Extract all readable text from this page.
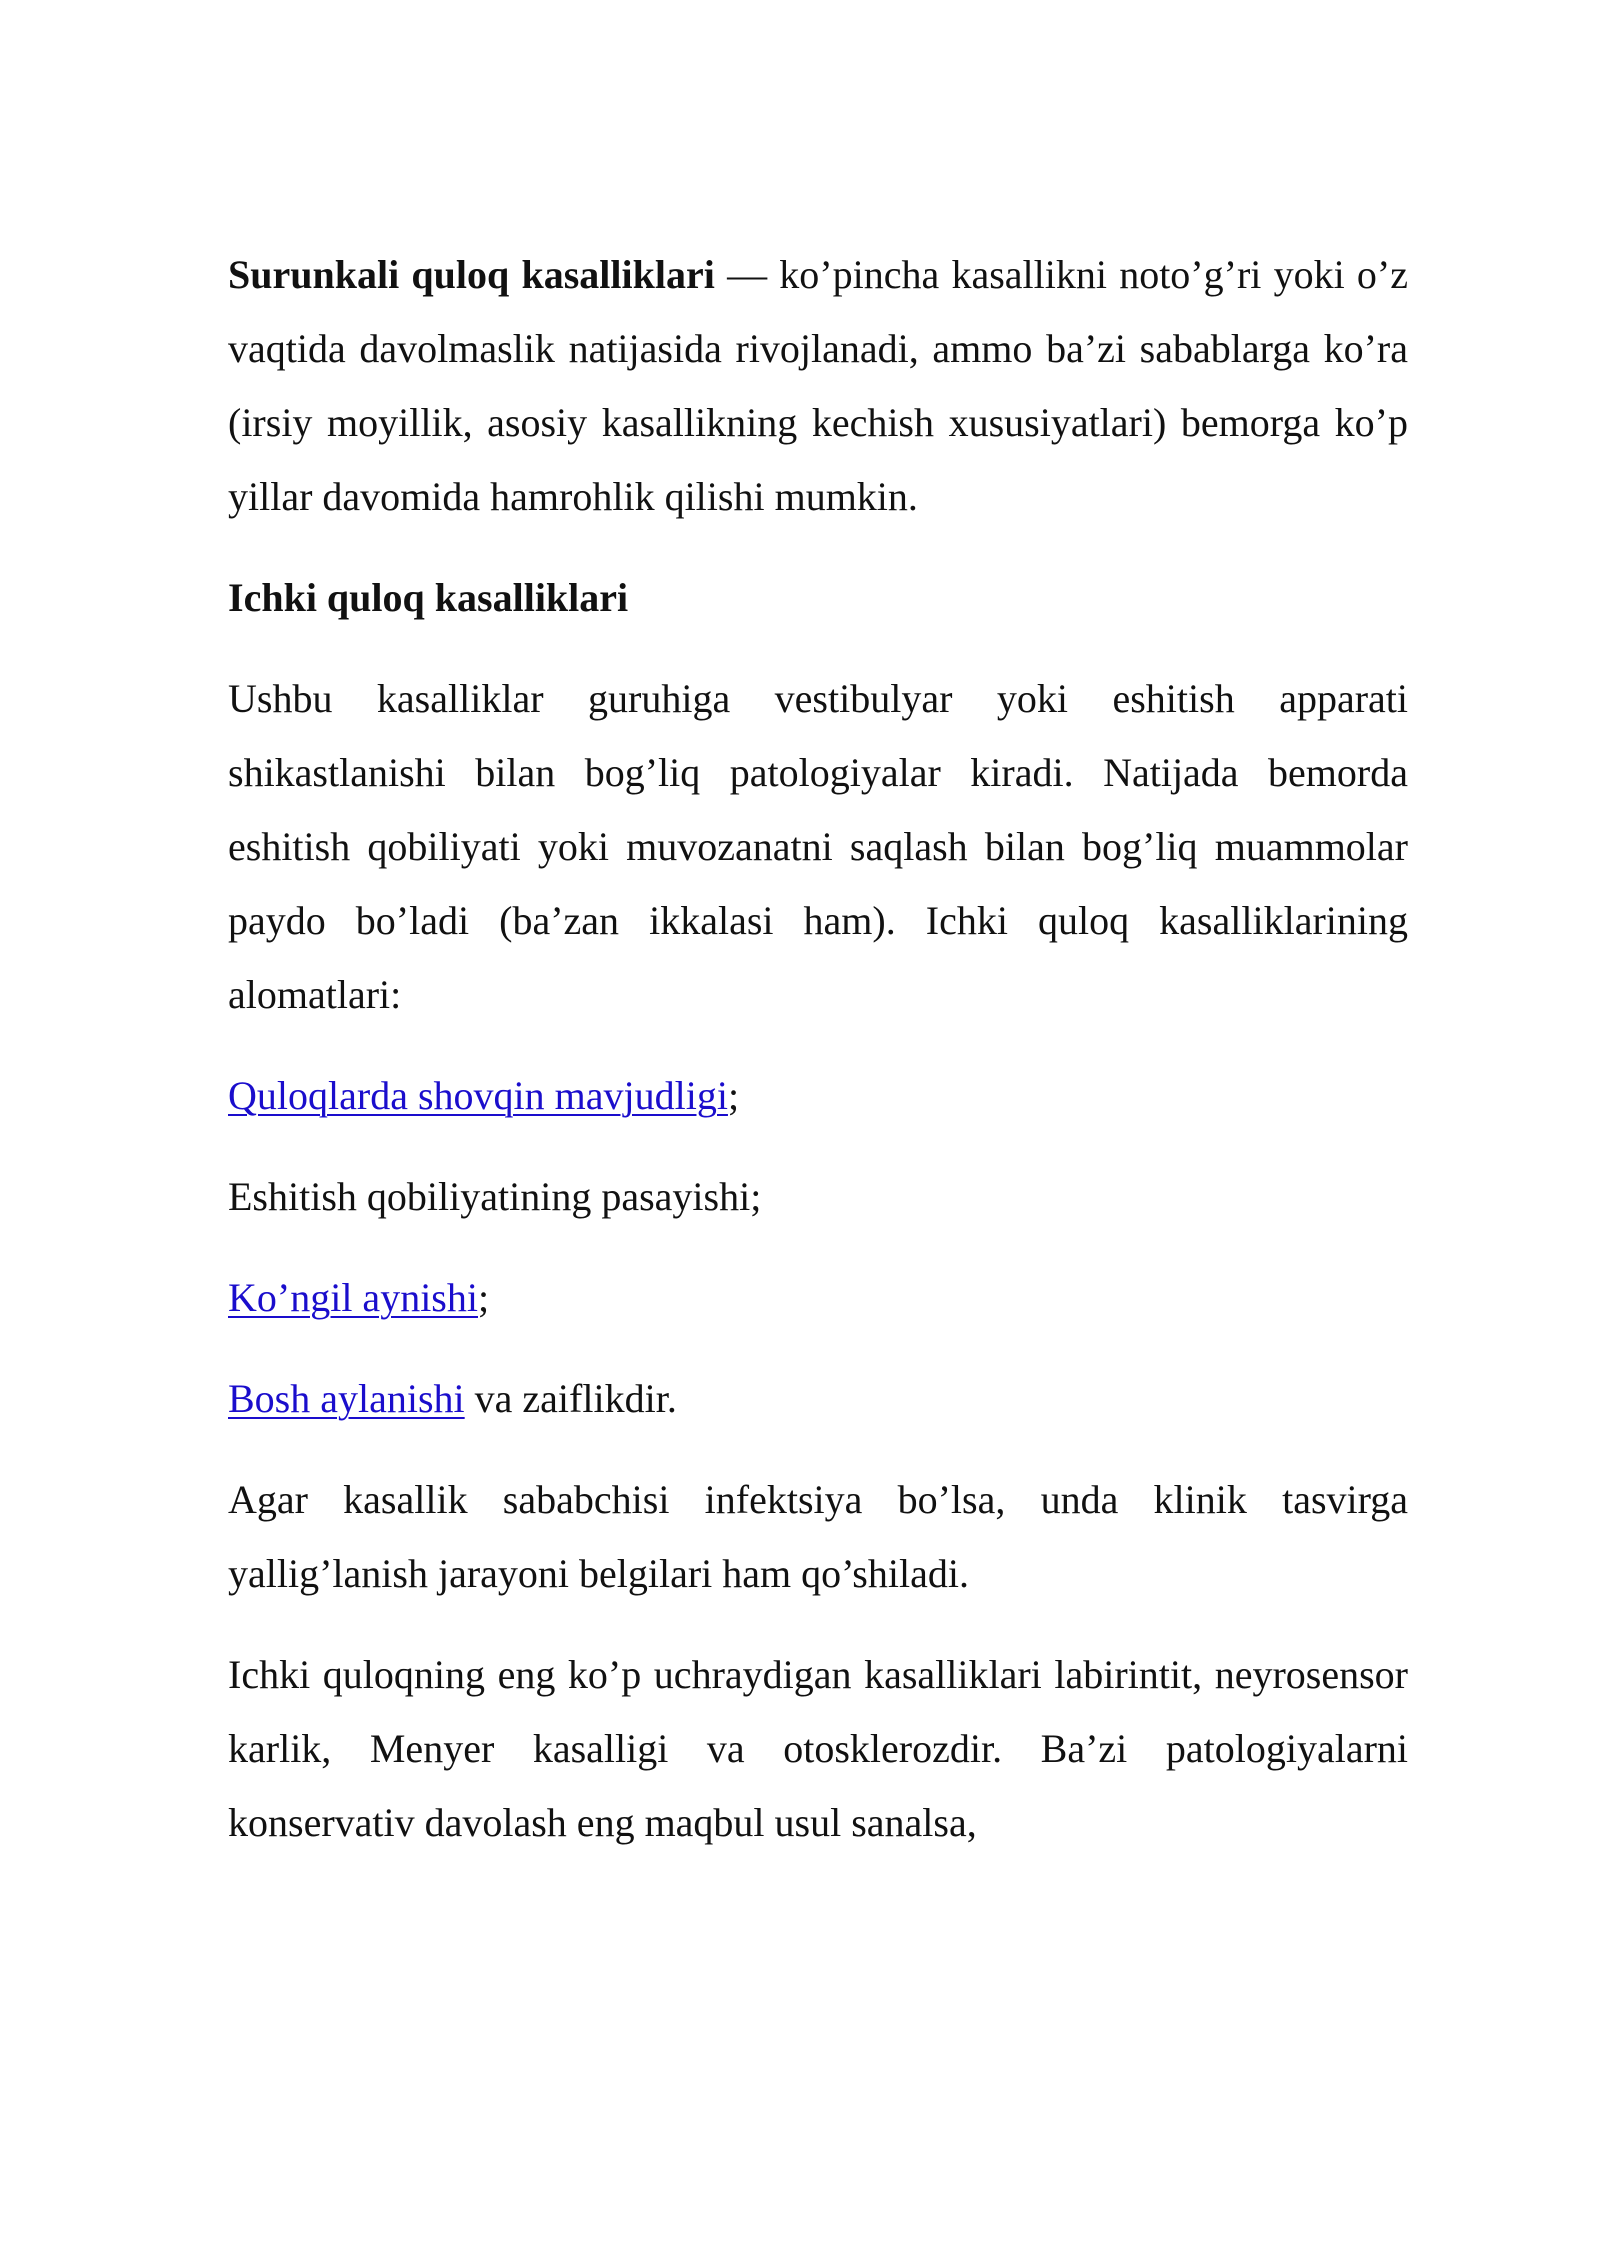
Surunkali quloq kasalliklari — ko’pincha kasallikni noto’g’ri yoki o’z vaqtida davolmaslik natijasida rivojlanadi, ammo ba’zi sabablarga ko’ra (irsiy moyillik, asosiy kasallikning kechish xususiyatlari) bemorga ko’p yillar davomida hamrohlik qilishi mumkin.

Ichki quloq kasalliklari

Ushbu kasalliklar guruhiga vestibulyar yoki eshitish apparati shikastlanishi bilan bog’liq patologiyalar kiradi. Natijada bemorda eshitish qobiliyati yoki muvozanatni saqlash bilan bog’liq muammolar paydo bo’ladi (ba’zan ikkalasi ham). Ichki quloq kasalliklarining alomatlari:

Quloqlarda shovqin mavjudligi;

Eshitish qobiliyatining pasayishi;

Ko’ngil aynishi;

Bosh aylanishi va zaiflikdir.

Agar kasallik sababchisi infektsiya bo’lsa, unda klinik tasvirga yallig’lanish jarayoni belgilari ham qo’shiladi.

Ichki quloqning eng ko’p uchraydigan kasalliklari labirintit, neyrosensor karlik, Menyer kasalligi va otosklerozdir. Ba’zi patologiyalarni konservativ davolash eng maqbul usul sanalsa,
